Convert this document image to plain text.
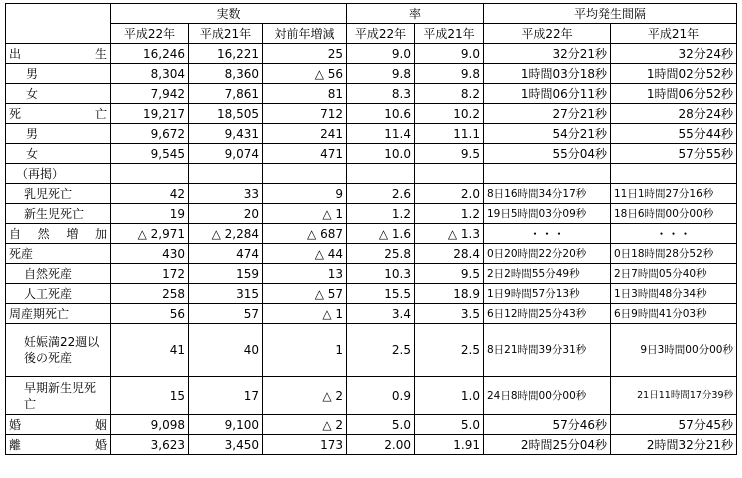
	実数			率		平均発生間隔	
	平成22年	平成21年	対前年増減	平成22年	平成21年	平成22年	平成21年
出　　　生	16,246	16,221	25	9.0	9.0	32分21秒	32分24秒
男	8,304	8,360	△ 56	9.8	9.8	1時間03分18秒	1時間02分52秒
女	7,942	7,861	81	8.3	8.2	1時間06分11秒	1時間06分52秒
死　　　亡	19,217	18,505	712	10.6	10.2	27分21秒	28分24秒
男	9,672	9,431	241	11.4	11.1	54分21秒	55分44秒
女	9,545	9,074	471	10.0	9.5	55分04秒	57分55秒
（再掲）							
乳児死亡	42	33	9	2.6	2.0	8日16時間34分17秒	11日1時間27分16秒
新生児死亡	19	20	△ 1	1.2	1.2	19日5時間03分09秒	18日6時間00分00秒
自然増加	△ 2,971	△ 2,284	△ 687	△ 1.6	△ 1.3	・・・	・・・
死産	430	474	△ 44	25.8	28.4	0日20時間22分20秒	0日18時間28分52秒
自然死産	172	159	13	10.3	9.5	2日2時間55分49秒	2日7時間05分40秒
人工死産	258	315	△ 57	15.5	18.9	1日9時間57分13秒	1日3時間48分34秒
周産期死亡	56	57	△ 1	3.4	3.5	6日12時間25分43秒	6日9時間41分03秒
妊娠満22週以後の死産	41	40	1	2.5	2.5	8日21時間39分31秒	9日3時間00分00秒
早期新生児死亡	15	17	△ 2	0.9	1.0	24日8時間00分00秒	21日11時間17分39秒
婚　　　姻	9,098	9,100	△ 2	5.0	5.0	57分46秒	57分45秒
離　　　婚	3,623	3,450	173	2.00	1.91	2時間25分04秒	2時間32分21秒
